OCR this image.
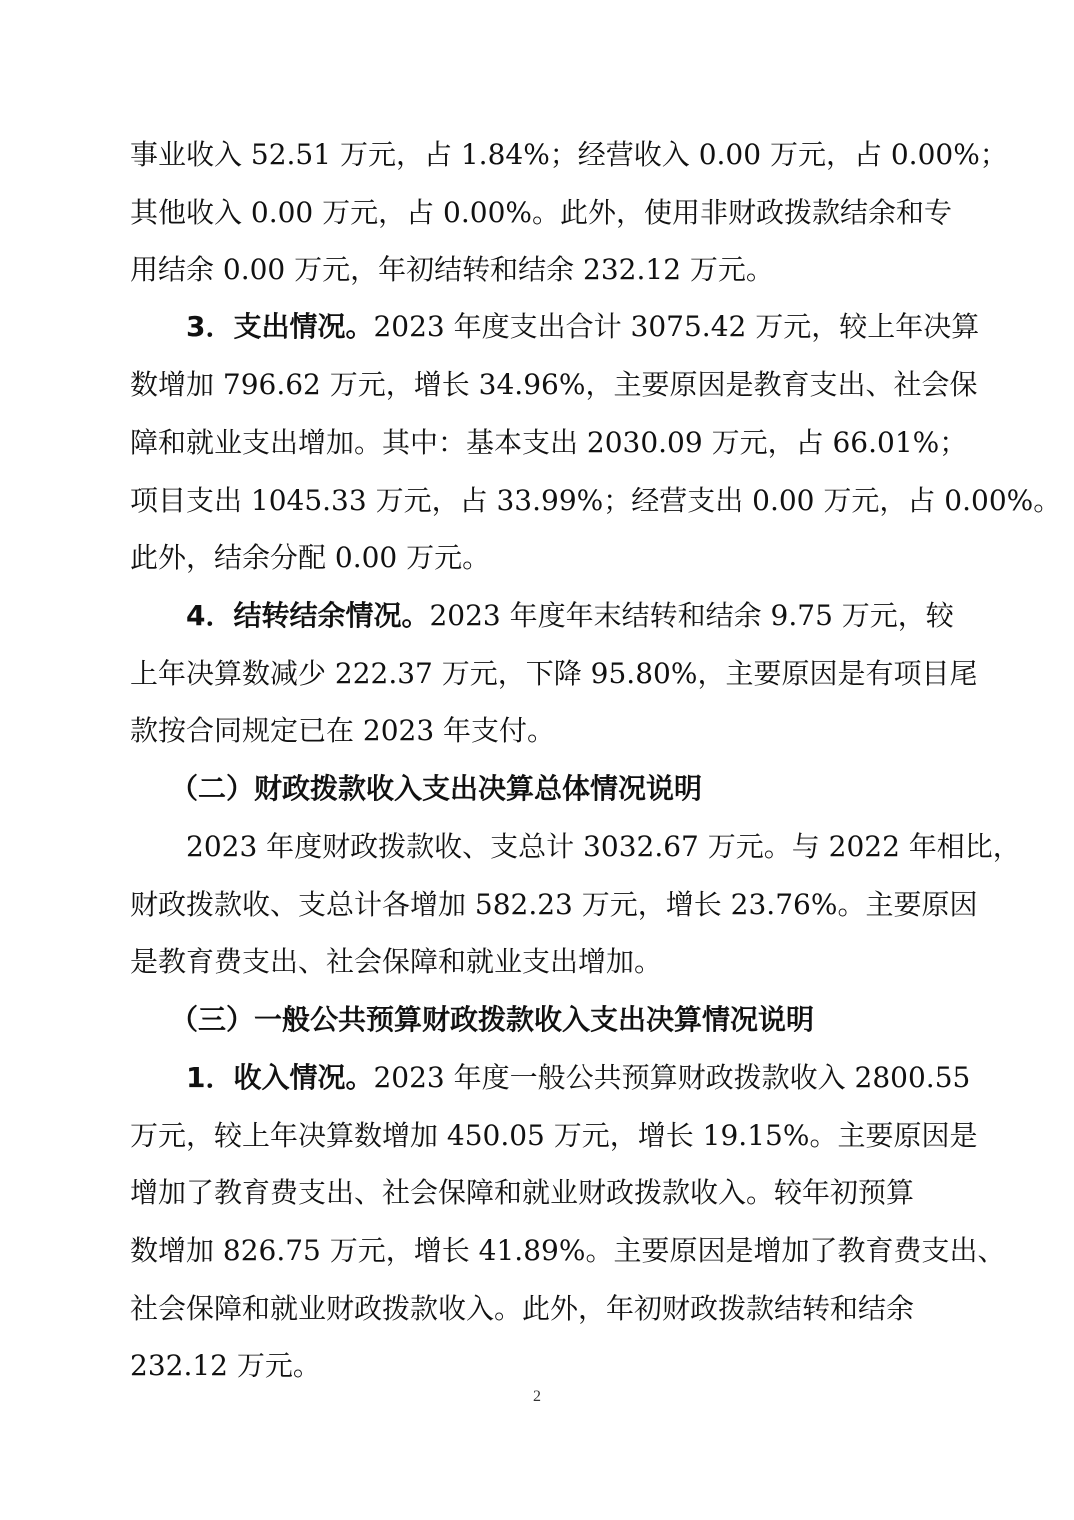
事业收入 52.51 万元，占 1.84%；经营收入 0.00 万元，占 0.00%；
其他收入 0.00 万元，占 0.00%。此外，使用非财政拨款结余和专
用结余 0.00 万元，年初结转和结余 232.12 万元。
3．支出情况。2023 年度支出合计 3075.42 万元，较上年决算
数增加 796.62 万元，增长 34.96%，主要原因是教育支出、社会保
障和就业支出增加。其中：基本支出 2030.09 万元，占 66.01%；
项目支出 1045.33 万元，占 33.99%；经营支出 0.00 万元，占 0.00%。
此外，结余分配 0.00 万元。
4．结转结余情况。2023 年度年末结转和结余 9.75 万元，较
上年决算数减少 222.37 万元，下降 95.80%，主要原因是有项目尾
款按合同规定已在 2023 年支付。
（二）财政拨款收入支出决算总体情况说明
2023 年度财政拨款收、支总计 3032.67 万元。与 2022 年相比，
财政拨款收、支总计各增加 582.23 万元，增长 23.76%。主要原因
是教育费支出、社会保障和就业支出增加。
（三）一般公共预算财政拨款收入支出决算情况说明
1．收入情况。2023 年度一般公共预算财政拨款收入 2800.55
万元，较上年决算数增加 450.05 万元，增长 19.15%。主要原因是
增加了教育费支出、社会保障和就业财政拨款收入。较年初预算
数增加 826.75 万元，增长 41.89%。主要原因是增加了教育费支出、
社会保障和就业财政拨款收入。此外，年初财政拨款结转和结余
232.12 万元。
2
